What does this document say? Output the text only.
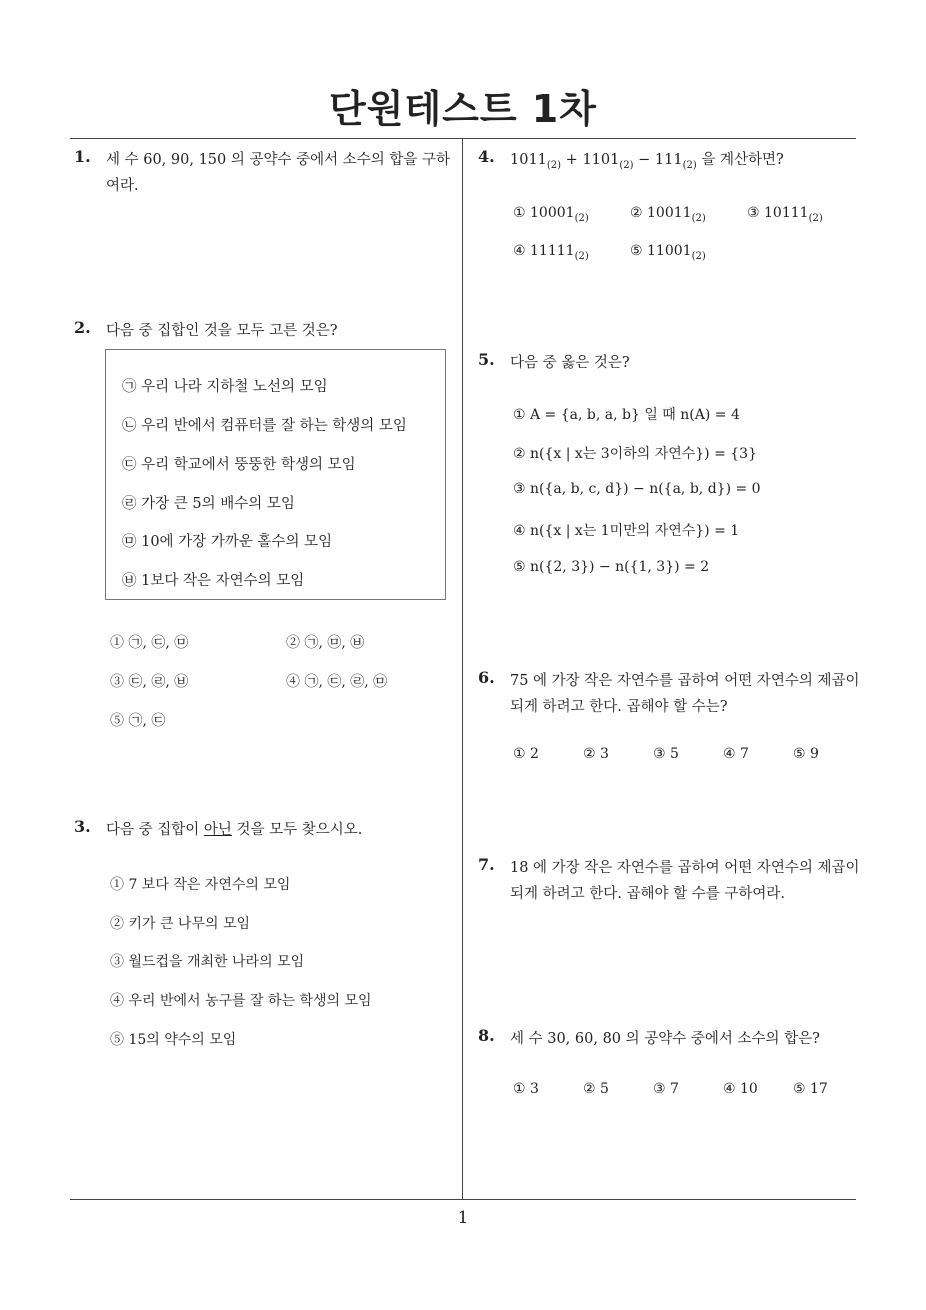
단원테스트 1차
1. 세 수 60, 90, 150 의 공약수 중에서 소수의 합을 구하여라.
2. 다음 중 집합인 것을 모두 고른 것은?
㉠ 우리 나라 지하철 노선의 모임
㉡ 우리 반에서 컴퓨터를 잘 하는 학생의 모임
㉢ 우리 학교에서 뚱뚱한 학생의 모임
㉣ 가장 큰 5의 배수의 모임
㉤ 10에 가장 가까운 홀수의 모임
㉥ 1보다 작은 자연수의 모임
① ㉠, ㉢, ㉤	② ㉠, ㉤, ㉥
③ ㉢, ㉣, ㉥	④ ㉠, ㉢, ㉣, ㉤
⑤ ㉠, ㉢
3. 다음 중 집합이 아닌 것을 모두 찾으시오.
① 7 보다 작은 자연수의 모임
② 키가 큰 나무의 모임
③ 월드컵을 개최한 나라의 모임
④ 우리 반에서 농구를 잘 하는 학생의 모임
⑤ 15의 약수의 모임
4. $1011_{(2)} + 1101_{(2)} - 111_{(2)}$ 을 계산하면?
① $10001_{(2)}$	② $10011_{(2)}$	③ $10111_{(2)}$
④ $11111_{(2)}$	⑤ $11001_{(2)}$
5. 다음 중 옳은 것은?
① A = {a, b, a, b} 일 때 n(A) = 4
② n({x | x는 3이하의 자연수}) = {3}
③ n({a, b, c, d}) − n({a, b, d}) = 0
④ n({x | x는 1미만의 자연수}) = 1
⑤ n({2, 3}) − n({1, 3}) = 2
6. 75 에 가장 작은 자연수를 곱하여 어떤 자연수의 제곱이 되게 하려고 한다. 곱해야 할 수는?
① 2	② 3	③ 5	④ 7	⑤ 9
7. 18 에 가장 작은 자연수를 곱하여 어떤 자연수의 제곱이 되게 하려고 한다. 곱해야 할 수를 구하여라.
8. 세 수 30, 60, 80 의 공약수 중에서 소수의 합은?
① 3	② 5	③ 7	④ 10	⑤ 17
1
